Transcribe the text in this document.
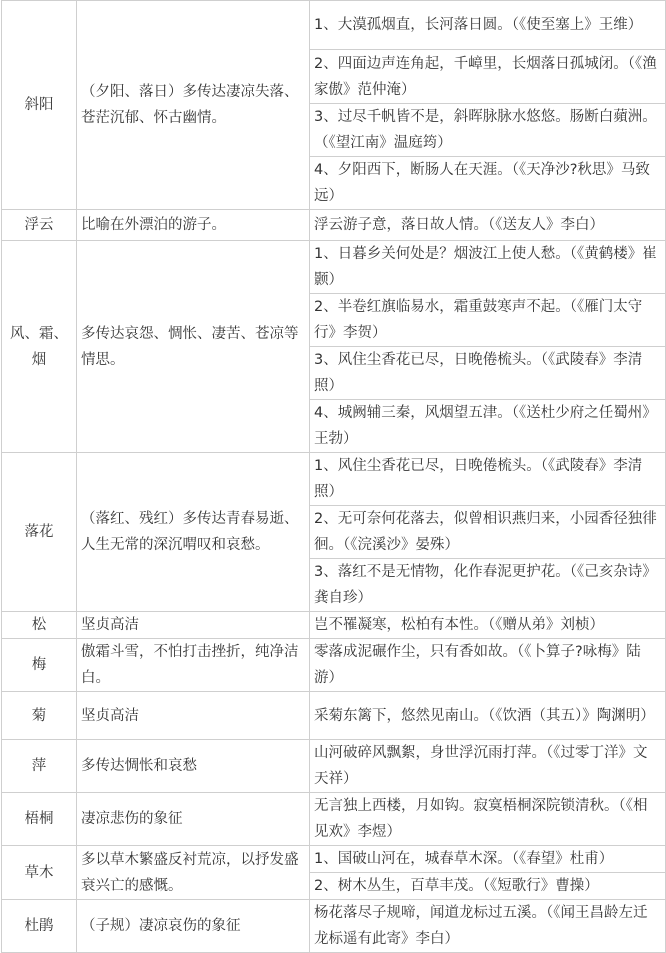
斜阳	（夕阳、落日）多传达凄凉失落、苍茫沉郁、怀古幽情。	1、大漠孤烟直，长河落日圆。（《使至塞上》王维）
		2、四面边声连角起，千嶂里，长烟落日孤城闭。（《渔家傲》范仲淹）
		3、过尽千帆皆不是，斜晖脉脉水悠悠。肠断白蘋洲。（《望江南》温庭筠）
		4、夕阳西下，断肠人在天涯。（《天净沙?秋思》马致远）
浮云	比喻在外漂泊的游子。	浮云游子意，落日故人情。（《送友人》李白）
风、霜、烟	多传达哀怨、惆怅、凄苦、苍凉等情思。	1、日暮乡关何处是？烟波江上使人愁。（《黄鹤楼》崔颢）
		2、半卷红旗临易水，霜重鼓寒声不起。（《雁门太守行》李贺）
		3、风住尘香花已尽，日晚倦梳头。（《武陵春》李清照）
		4、城阙辅三秦，风烟望五津。（《送杜少府之任蜀州》王勃）
落花	（落红、残红）多传达青春易逝、人生无常的深沉喟叹和哀愁。	1、风住尘香花已尽，日晚倦梳头。（《武陵春》李清照）
		2、无可奈何花落去，似曾相识燕归来，小园香径独徘徊。（《浣溪沙》晏殊）
		3、落红不是无情物，化作春泥更护花。（《己亥杂诗》龚自珍）
松	坚贞高洁	岂不罹凝寒，松柏有本性。（《赠从弟》刘桢）
梅	傲霜斗雪，不怕打击挫折，纯净洁白。	零落成泥碾作尘，只有香如故。（《卜算子?咏梅》陆游）
菊	坚贞高洁	采菊东篱下，悠然见南山。（《饮酒（其五）》陶渊明）
萍	多传达惆怅和哀愁	山河破碎风飘絮，身世浮沉雨打萍。（《过零丁洋》文天祥）
梧桐	凄凉悲伤的象征	无言独上西楼，月如钩。寂寞梧桐深院锁清秋。（《相见欢》李煜）
草木	多以草木繁盛反衬荒凉，以抒发盛衰兴亡的感慨。	1、国破山河在，城春草木深。（《春望》杜甫）
		2、树木丛生，百草丰茂。（《短歌行》曹操）
杜鹃	（子规）凄凉哀伤的象征	杨花落尽子规啼，闻道龙标过五溪。（《闻王昌龄左迁龙标遥有此寄》李白）
